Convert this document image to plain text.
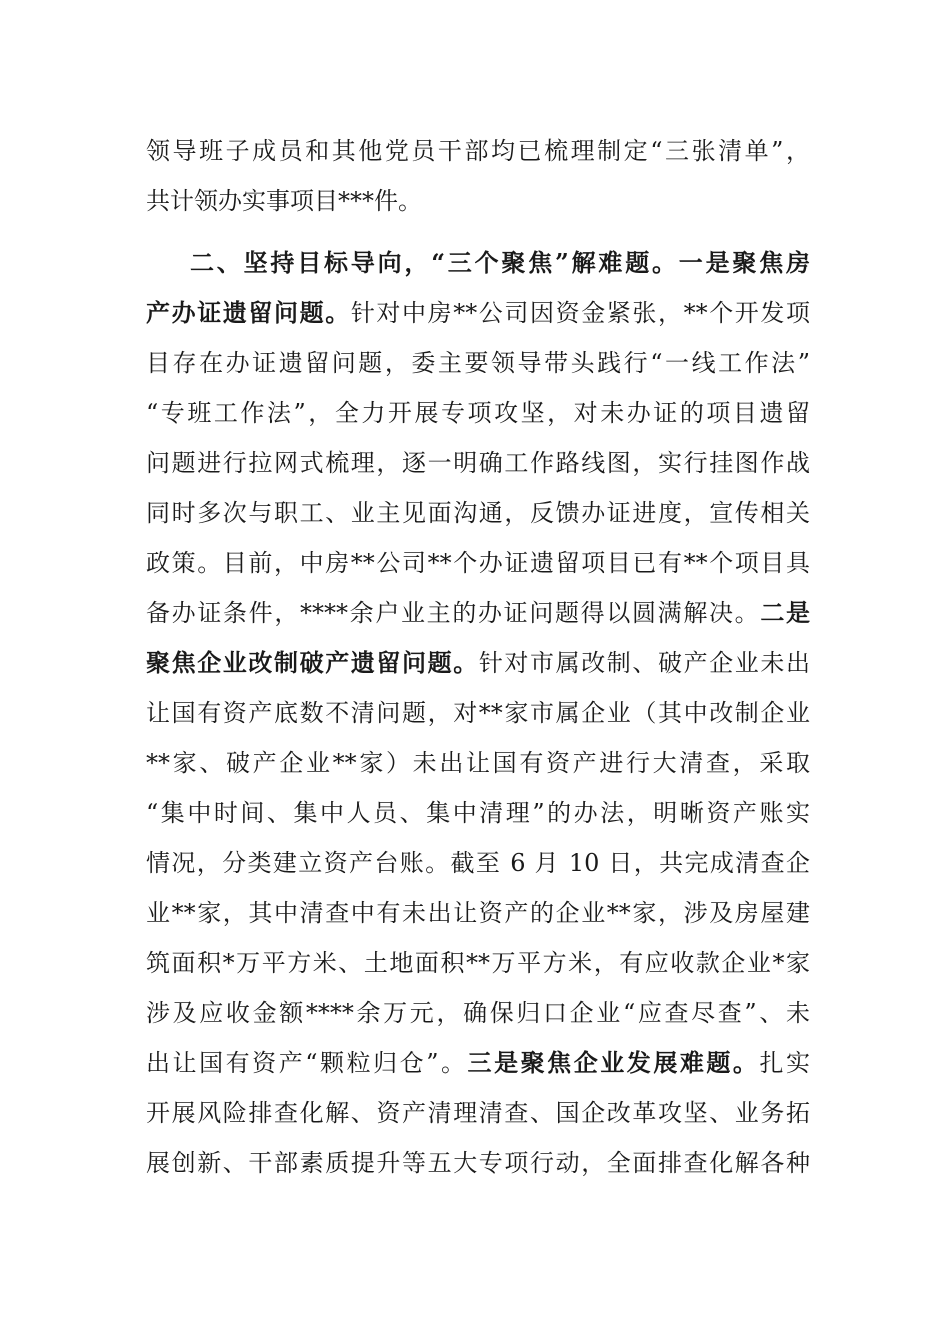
领导班子成员和其他党员干部均已梳理制定“三张清单”，
共计领办实事项目***件。
二、坚持目标导向，“三个聚焦”解难题。一是聚焦房
产办证遗留问题。针对中房**公司因资金紧张，**个开发项
目存在办证遗留问题，委主要领导带头践行“一线工作法”
“专班工作法”，全力开展专项攻坚，对未办证的项目遗留
问题进行拉网式梳理，逐一明确工作路线图，实行挂图作战
同时多次与职工、业主见面沟通，反馈办证进度，宣传相关
政策。目前，中房**公司**个办证遗留项目已有**个项目具
备办证条件，****余户业主的办证问题得以圆满解决。二是
聚焦企业改制破产遗留问题。针对市属改制、破产企业未出
让国有资产底数不清问题，对**家市属企业（其中改制企业
**家、破产企业**家）未出让国有资产进行大清查，采取
“集中时间、集中人员、集中清理”的办法，明晰资产账实
情况，分类建立资产台账。截至 6 月 10 日，共完成清查企
业**家，其中清查中有未出让资产的企业**家，涉及房屋建
筑面积*万平方米、土地面积**万平方米，有应收款企业*家
涉及应收金额****余万元，确保归口企业“应查尽查”、未
出让国有资产“颗粒归仓”。三是聚焦企业发展难题。扎实
开展风险排查化解、资产清理清查、国企改革攻坚、业务拓
展创新、干部素质提升等五大专项行动，全面排查化解各种
